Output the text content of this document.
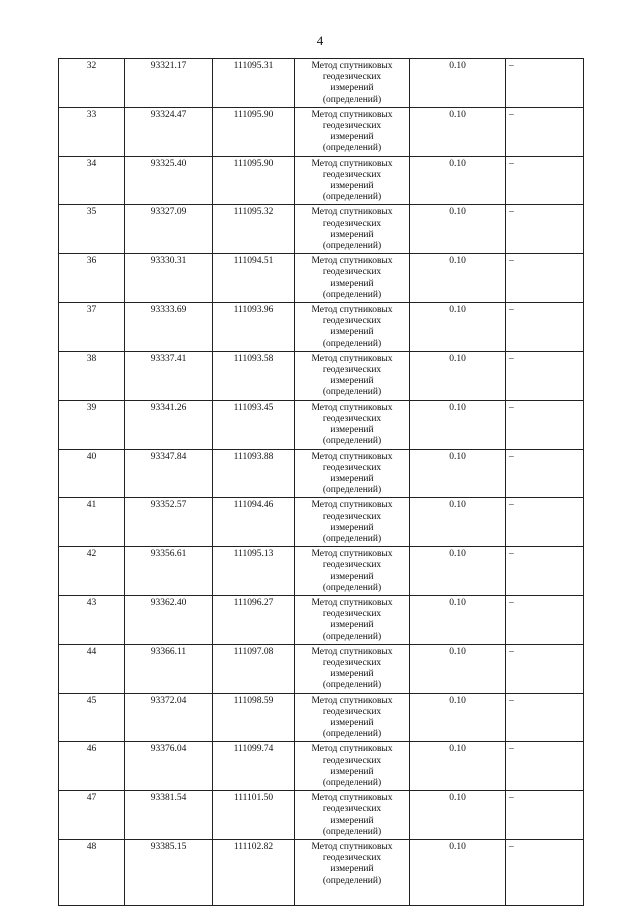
4
32	93321.17	111095.31	Метод спутниковых
геодезических
измерений
(определений)	0.10	–
33	93324.47	111095.90	Метод спутниковых
геодезических
измерений
(определений)	0.10	–
34	93325.40	111095.90	Метод спутниковых
геодезических
измерений
(определений)	0.10	–
35	93327.09	111095.32	Метод спутниковых
геодезических
измерений
(определений)	0.10	–
36	93330.31	111094.51	Метод спутниковых
геодезических
измерений
(определений)	0.10	–
37	93333.69	111093.96	Метод спутниковых
геодезических
измерений
(определений)	0.10	–
38	93337.41	111093.58	Метод спутниковых
геодезических
измерений
(определений)	0.10	–
39	93341.26	111093.45	Метод спутниковых
геодезических
измерений
(определений)	0.10	–
40	93347.84	111093.88	Метод спутниковых
геодезических
измерений
(определений)	0.10	–
41	93352.57	111094.46	Метод спутниковых
геодезических
измерений
(определений)	0.10	–
42	93356.61	111095.13	Метод спутниковых
геодезических
измерений
(определений)	0.10	–
43	93362.40	111096.27	Метод спутниковых
геодезических
измерений
(определений)	0.10	–
44	93366.11	111097.08	Метод спутниковых
геодезических
измерений
(определений)	0.10	–
45	93372.04	111098.59	Метод спутниковых
геодезических
измерений
(определений)	0.10	–
46	93376.04	111099.74	Метод спутниковых
геодезических
измерений
(определений)	0.10	–
47	93381.54	111101.50	Метод спутниковых
геодезических
измерений
(определений)	0.10	–
48	93385.15	111102.82	Метод спутниковых
геодезических
измерений
(определений)	0.10	–
